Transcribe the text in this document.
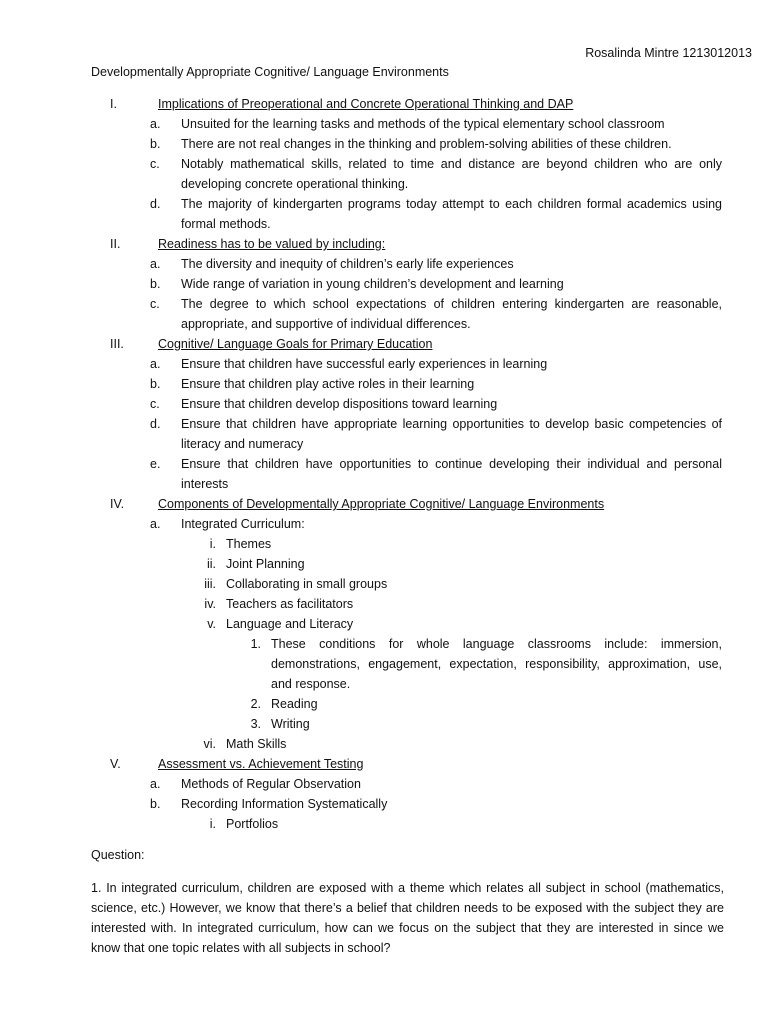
Rosalinda Mintre 1213012013
Developmentally Appropriate Cognitive/ Language Environments
I.	Implications of Preoperational and Concrete Operational Thinking and DAP
a.	Unsuited for the learning tasks and methods of the typical elementary school classroom
b.	There are not real changes in the thinking and problem-solving abilities of these children.
c.	Notably mathematical skills, related to time and distance are beyond children who are only developing concrete operational thinking.
d.	The majority of kindergarten programs today attempt to each children formal academics using formal methods.
II.	Readiness has to be valued by including:
a.	The diversity and inequity of children’s early life experiences
b.	Wide range of variation in young children’s development and learning
c.	The degree to which school expectations of children entering kindergarten are reasonable, appropriate, and supportive of individual differences.
III.	Cognitive/ Language Goals for Primary Education
a.	Ensure that children have successful early experiences in learning
b.	Ensure that children play active roles in their learning
c.	Ensure that children develop dispositions toward learning
d.	Ensure that children have appropriate learning opportunities to develop basic competencies of literacy and numeracy
e.	Ensure that children have opportunities to continue developing their individual and personal interests
IV.	Components of Developmentally Appropriate Cognitive/ Language Environments
a.	Integrated Curriculum:
i. Themes
ii. Joint Planning
iii. Collaborating in small groups
iv. Teachers as facilitators
v. Language and Literacy
1. These conditions for whole language classrooms include: immersion, demonstrations, engagement, expectation, responsibility, approximation, use, and response.
2. Reading
3. Writing
vi. Math Skills
V.	Assessment vs. Achievement Testing
a.	Methods of Regular Observation
b.	Recording Information Systematically
i. Portfolios
Question:
1. In integrated curriculum, children are exposed with a theme which relates all subject in school (mathematics, science, etc.) However, we know that there’s a belief that children needs to be exposed with the subject they are interested with. In integrated curriculum, how can we focus on the subject that they are interested in since we know that one topic relates with all subjects in school?
